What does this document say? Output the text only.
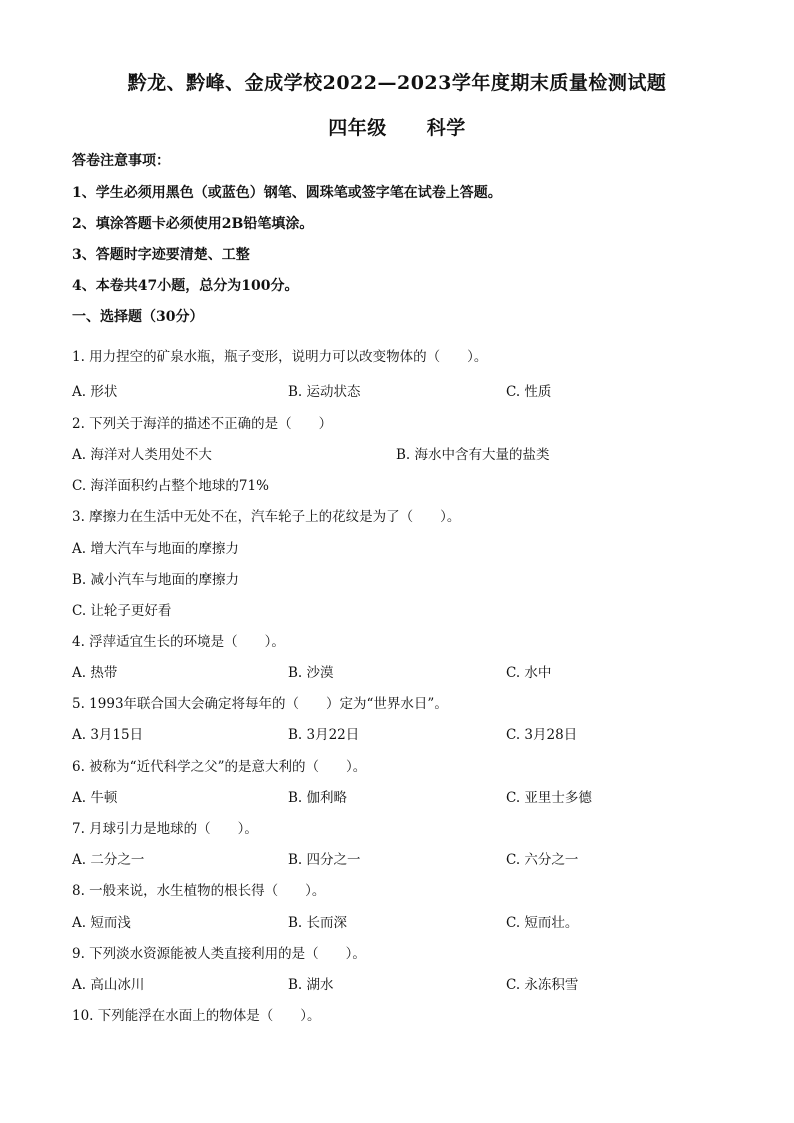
黔龙、黔峰、金成学校2022—2023学年度期末质量检测试题
四年级 科学
答卷注意事项：
1、学生必须用黑色（或蓝色）钢笔、圆珠笔或签字笔在试卷上答题。
2、填涂答题卡必须使用2B铅笔填涂。
3、答题时字迹要清楚、工整
4、本卷共47小题，总分为100分。
一、选择题（30分）
1. 用力捏空的矿泉水瓶，瓶子变形，说明力可以改变物体的（　　）。
A. 形状	B. 运动状态	C. 性质
2. 下列关于海洋的描述不正确的是（　　）
A. 海洋对人类用处不大	B. 海水中含有大量的盐类
C. 海洋面积约占整个地球的71%
3. 摩擦力在生活中无处不在，汽车轮子上的花纹是为了（　　）。
A. 增大汽车与地面的摩擦力
B. 减小汽车与地面的摩擦力
C. 让轮子更好看
4. 浮萍适宜生长的环境是（　　）。
A. 热带	B. 沙漠	C. 水中
5. 1993年联合国大会确定将每年的（　　）定为“世界水日”。
A. 3月15日	B. 3月22日	C. 3月28日
6. 被称为“近代科学之父”的是意大利的（　　）。
A. 牛顿	B. 伽利略	C. 亚里士多德
7. 月球引力是地球的（　　）。
A. 二分之一	B. 四分之一	C. 六分之一
8. 一般来说，水生植物的根长得（　　）。
A. 短而浅	B. 长而深	C. 短而壮。
9. 下列淡水资源能被人类直接利用的是（　　）。
A. 高山冰川	B. 湖水	C. 永冻积雪
10. 下列能浮在水面上的物体是（　　）。
